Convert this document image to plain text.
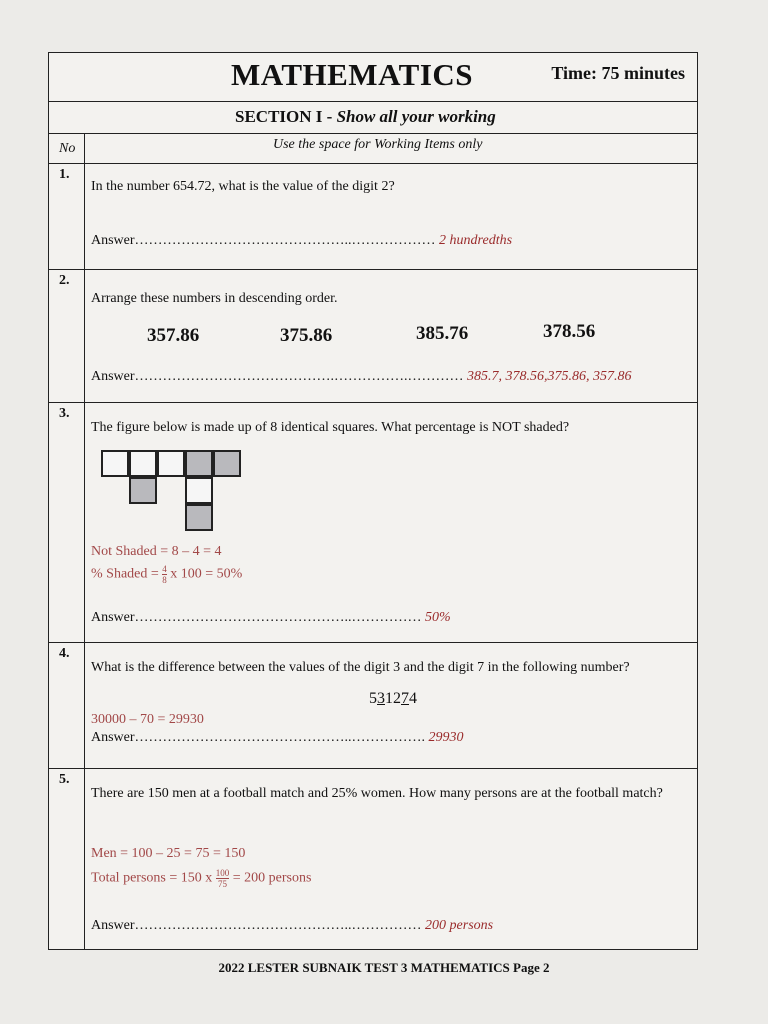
MATHEMATICS	Time: 75 minutes
SECTION I - Show all your working
No	Use the space for Working Items only
1.
In the number 654.72, what is the value of the digit 2?
Answer………………………………………..……………… 2 hundredths
2.
Arrange these numbers in descending order.
357.86	375.86	385.76	378.56
Answer…………………………………….…………….………… 385.7, 378.56,375.86, 357.86
3.
The figure below is made up of 8 identical squares. What percentage is NOT shaded?
Not Shaded = 8 – 4 = 4
% Shaded = $\frac{4}{8}$ x 100 = 50%
Answer………………………………………..…………… 50%
4.
What is the difference between the values of the digit 3 and the digit 7 in the following number?
531274
30000 – 70 = 29930
Answer………………………………………..……………. 29930
5.
There are 150 men at a football match and 25% women. How many persons are at the football match?
Men = 100 – 25 = 75 = 150
Total persons = 150 x $\frac{100}{75} = 200$ persons
Answer………………………………………..…………… 200 persons
2022 LESTER SUBNAIK TEST 3 MATHEMATICS Page 2
